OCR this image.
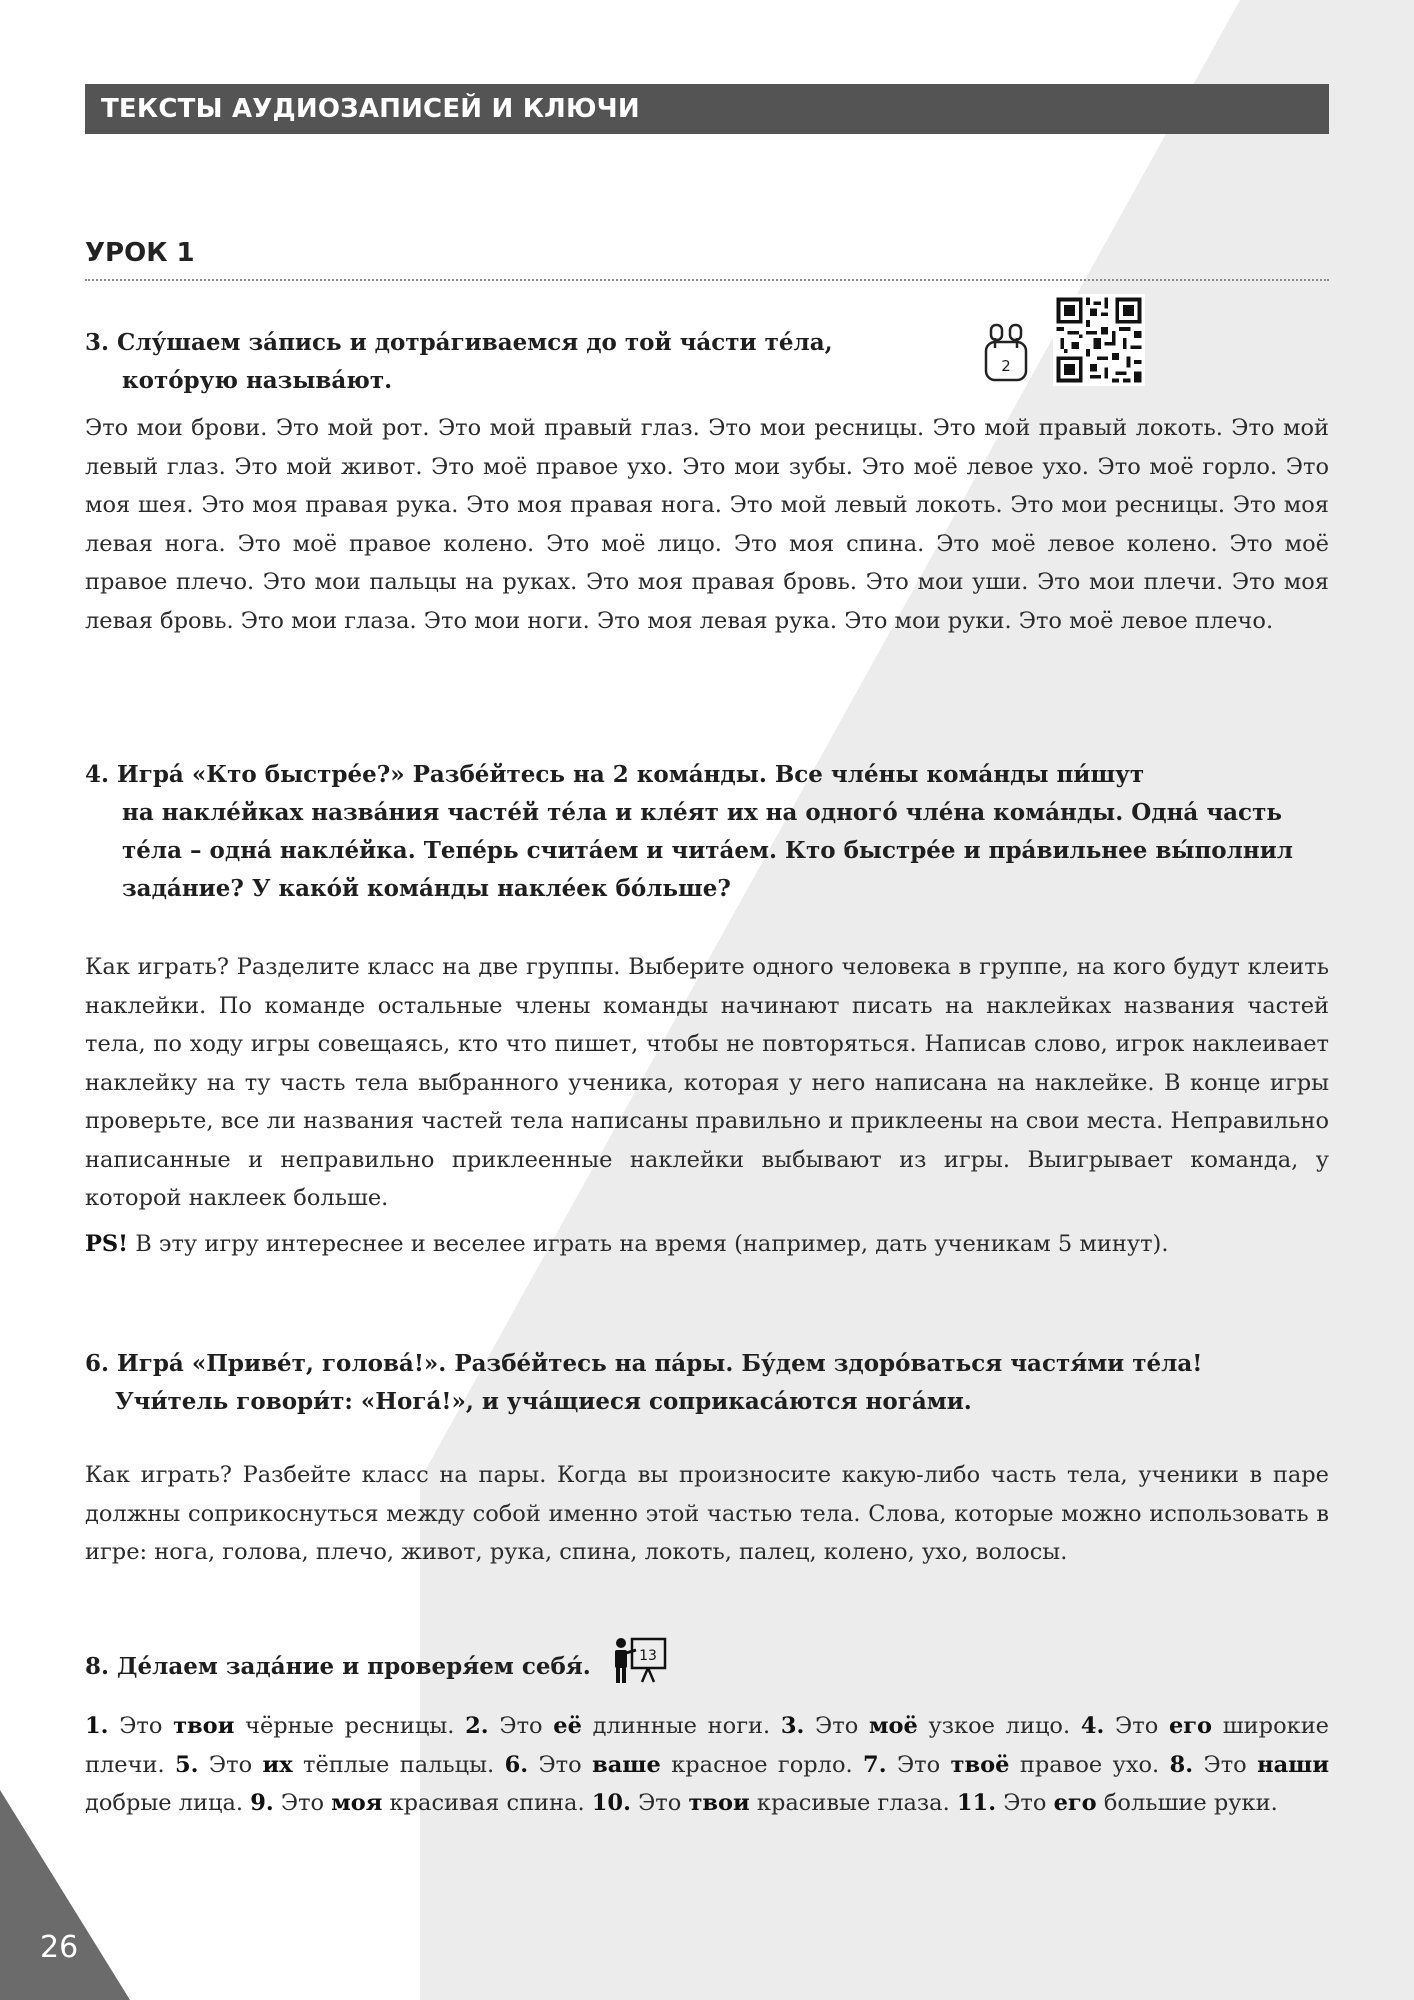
ТЕКСТЫ АУДИОЗАПИСЕЙ И КЛЮЧИ
УРОК 1
3. Слу́шаем за́пись и дотра́гиваемся до той ча́сти те́ла,
кото́рую называ́ют.
2
Это мои брови. Это мой рот. Это мой правый глаз. Это мои ресницы. Это мой правый локоть. Это мой левый глаз. Это мой живот. Это моё правое ухо. Это мои зубы. Это моё левое ухо. Это моё горло. Это моя шея. Это моя правая рука. Это моя правая нога. Это мой левый локоть. Это мои ресницы. Это моя левая нога. Это моё правое колено. Это моё лицо. Это моя спина. Это моё левое колено. Это моё правое плечо. Это мои пальцы на руках. Это моя правая бровь. Это мои уши. Это мои плечи. Это моя левая бровь. Это мои глаза. Это мои ноги. Это моя левая рука. Это мои руки. Это моё левое плечо.
4. Игра́ «Кто быстре́е?» Разбе́йтесь на 2 кома́нды. Все чле́ны кома́нды пи́шут
на накле́йках назва́ния часте́й те́ла и кле́ят их на одного́ чле́на кома́нды. Одна́ часть
те́ла – одна́ накле́йка. Тепе́рь счита́ем и чита́ем. Кто быстре́е и пра́вильнее вы́полнил
зада́ние? У како́й кома́нды накле́ек бо́льше?
Как играть? Разделите класс на две группы. Выберите одного человека в группе, на кого будут клеить наклейки. По команде остальные члены команды начинают писать на наклейках названия частей тела, по ходу игры совещаясь, кто что пишет, чтобы не повторяться. Написав слово, игрок наклеивает наклейку на ту часть тела выбранного ученика, которая у него написана на наклейке. В конце игры проверьте, все ли названия частей тела написаны правильно и приклеены на свои места. Неправильно написанные и неправильно приклеенные наклейки выбывают из игры. Выигрывает команда, у которой наклеек больше.
PS! В эту игру интереснее и веселее играть на время (например, дать ученикам 5 минут).
6. Игра́ «Приве́т, голова́!». Разбе́йтесь на па́ры. Бу́дем здоро́ваться частя́ми те́ла!
Учи́тель говори́т: «Нога́!», и уча́щиеся соприкаса́ются нога́ми.
Как играть? Разбейте класс на пары. Когда вы произносите какую-либо часть тела, ученики в паре должны соприкоснуться между собой именно этой частью тела. Слова, которые можно использовать в игре: нога, голова, плечо, живот, рука, спина, локоть, палец, колено, ухо, волосы.
8. Де́лаем зада́ние и проверя́ем себя́.	13
1. Это твои чёрные ресницы. 2. Это её длинные ноги. 3. Это моё узкое лицо. 4. Это его широкие плечи. 5. Это их тёплые пальцы. 6. Это ваше красное горло. 7. Это твоё правое ухо. 8. Это наши добрые лица. 9. Это моя красивая спина. 10. Это твои красивые глаза. 11. Это его большие руки.
26
